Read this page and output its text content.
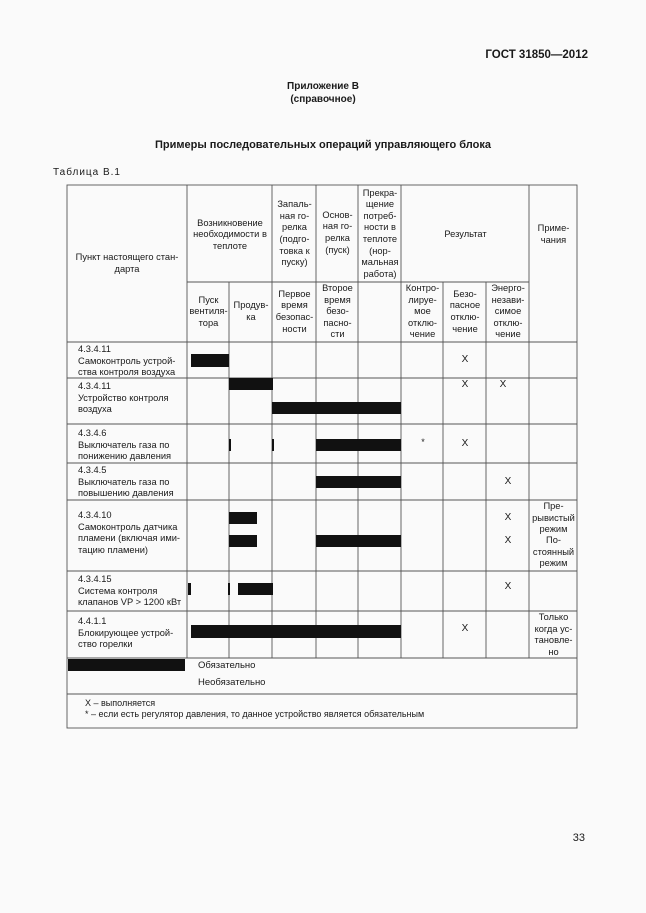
ГОСТ 31850—2012
Приложение В
(справочное)
Примеры последовательных операций управляющего блока
Таблица В.1
Пункт настоящего стан-дарта
Возникновение необходимости в теплоте
Запаль-ная го-релка (подго-товка к пуску)
Основ-ная го-релка (пуск)
Прекра-щение потреб-ности в теплоте (нор-мальная работа)
Результат
Приме-чания
Пуск вентиля-тора
Продув-ка
Первое время безопас-ности
Второе время безо-пасно-сти
Контро-лируе-мое отклю-чение
Безо-пасное отклю-чение
Энерго-незави-симое отклю-чение
4.3.4.11
Самоконтроль устрой-ства контроля воздуха
4.3.4.11
Устройство контроля воздуха
4.3.4.6
Выключатель газа по понижению давления
4.3.4.5
Выключатель газа по повышению давления
4.3.4.10
Самоконтроль датчика пламени (включая ими-тацию пламени)
4.3.4.15
Система контроля клапанов VP > 1200 кВт
4.4.1.1
Блокирующее устрой-ство горелки
X
X	X
*	X
X
X
X
X
X
Пре-рывистый режим
По-стоянный режим
Только когда ус-тановле-но
Обязательно
Необязательно
X – выполняется
* – если есть регулятор давления, то данное устройство является обязательным
33
